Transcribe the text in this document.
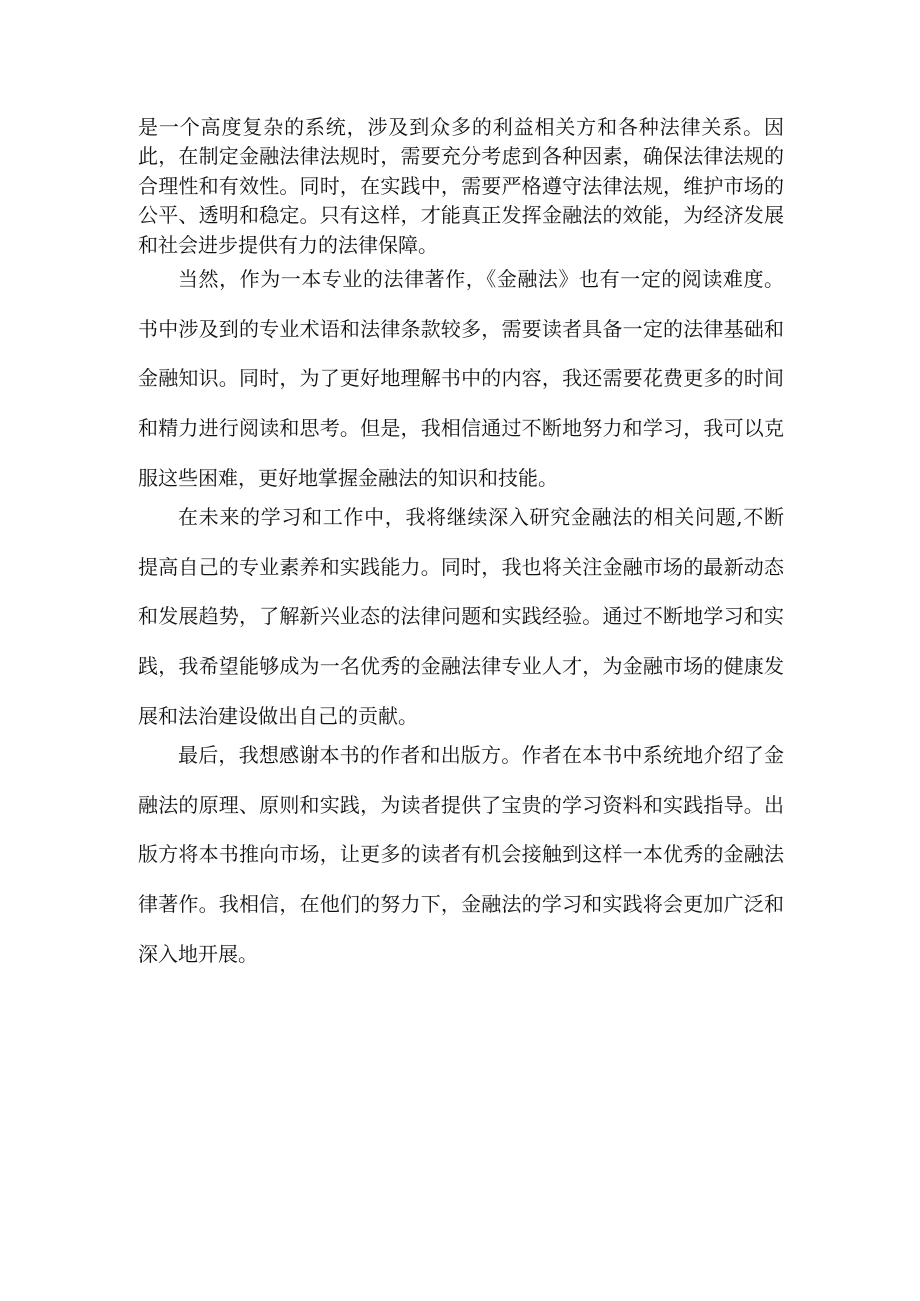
是一个高度复杂的系统，涉及到众多的利益相关方和各种法律关系。因此，在制定金融法律法规时，需要充分考虑到各种因素，确保法律法规的合理性和有效性。同时，在实践中，需要严格遵守法律法规，维护市场的公平、透明和稳定。只有这样，才能真正发挥金融法的效能，为经济发展和社会进步提供有力的法律保障。

当然，作为一本专业的法律著作，《金融法》也有一定的阅读难度。书中涉及到的专业术语和法律条款较多，需要读者具备一定的法律基础和金融知识。同时，为了更好地理解书中的内容，我还需要花费更多的时间和精力进行阅读和思考。但是，我相信通过不断地努力和学习，我可以克服这些困难，更好地掌握金融法的知识和技能。

在未来的学习和工作中，我将继续深入研究金融法的相关问题,不断提高自己的专业素养和实践能力。同时，我也将关注金融市场的最新动态和发展趋势，了解新兴业态的法律问题和实践经验。通过不断地学习和实践，我希望能够成为一名优秀的金融法律专业人才，为金融市场的健康发展和法治建设做出自己的贡献。

最后，我想感谢本书的作者和出版方。作者在本书中系统地介绍了金融法的原理、原则和实践，为读者提供了宝贵的学习资料和实践指导。出版方将本书推向市场，让更多的读者有机会接触到这样一本优秀的金融法律著作。我相信，在他们的努力下，金融法的学习和实践将会更加广泛和深入地开展。
